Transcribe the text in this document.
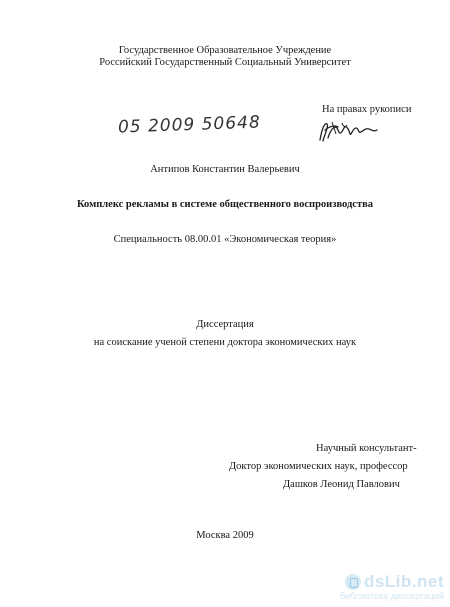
Государственное Образовательное Учреждение
Российский Государственный Социальный Университет
На правах рукописи
05 2009 50648
Антипов Константин Валерьевич
Комплекс рекламы в системе общественного воспроизводства
Специальность 08.00.01 «Экономическая теория»
Диссертация
на соискание ученой степени доктора экономических наук
Научный консультант-
Доктор экономических наук, профессор
Дашков Леонид Павлович
Москва 2009
dsLib.net
библиотека диссертаций
